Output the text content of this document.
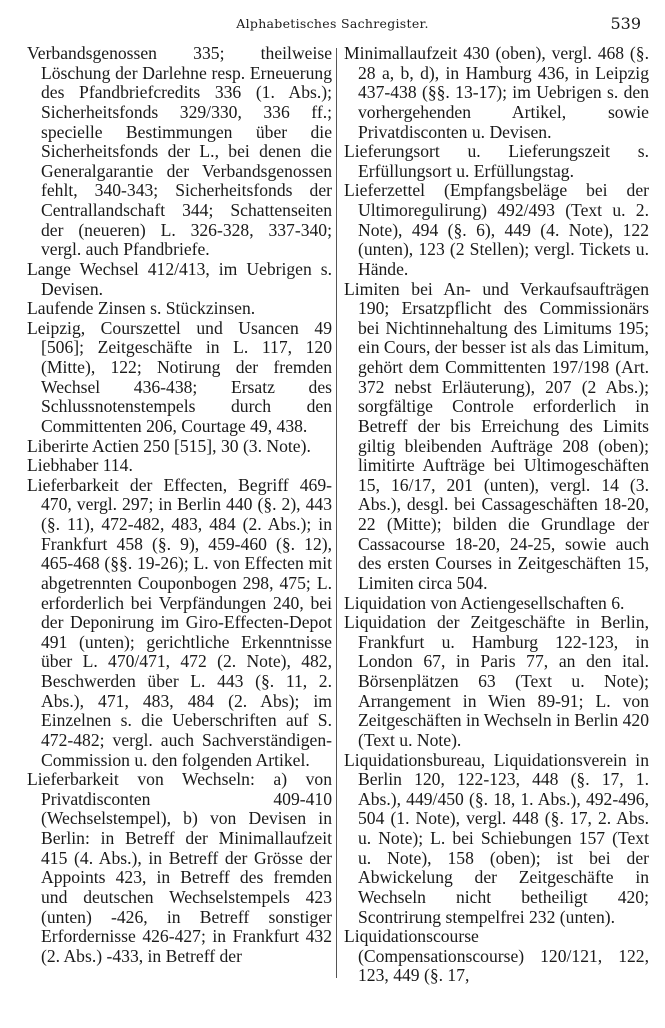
Alphabetisches Sachregister.	539

Verbandsgenossen 335; theilweise Löschung der Darlehne resp. Erneuerung des Pfandbriefcredits 336 (1. Abs.); Sicherheitsfonds 329/330, 336 ff.; specielle Bestimmungen über die Sicherheitsfonds der L., bei denen die Generalgarantie der Verbandsgenossen fehlt, 340-343; Sicherheitsfonds der Centrallandschaft 344; Schattenseiten der (neueren) L. 326-328, 337-340; vergl. auch Pfandbriefe.

Lange Wechsel 412/413, im Uebrigen s. Devisen.

Laufende Zinsen s. Stückzinsen.

Leipzig, Courszettel und Usancen 49 [506]; Zeitgeschäfte in L. 117, 120 (Mitte), 122; Notirung der fremden Wechsel 436-438; Ersatz des Schlussnotenstempels durch den Committenten 206, Courtage 49, 438.

Liberirte Actien 250 [515], 30 (3. Note).

Liebhaber 114.

Lieferbarkeit der Effecten, Begriff 469-470, vergl. 297; in Berlin 440 (§. 2), 443 (§. 11), 472-482, 483, 484 (2. Abs.); in Frankfurt 458 (§. 9), 459-460 (§. 12), 465-468 (§§. 19-26); L. von Effecten mit abgetrennten Couponbogen 298, 475; L. erforderlich bei Verpfändungen 240, bei der Deponirung im Giro-Effecten-Depot 491 (unten); gerichtliche Erkenntnisse über L. 470/471, 472 (2. Note), 482, Beschwerden über L. 443 (§. 11, 2. Abs.), 471, 483, 484 (2. Abs); im Einzelnen s. die Ueberschriften auf S. 472-482; vergl. auch Sachverständigen-Commission u. den folgenden Artikel.

Lieferbarkeit von Wechseln: a) von Privatdisconten 409-410 (Wechselstempel), b) von Devisen in Berlin: in Betreff der Minimallaufzeit 415 (4. Abs.), in Betreff der Grösse der Appoints 423, in Betreff des fremden und deutschen Wechselstempels 423 (unten) -426, in Betreff sonstiger Erfordernisse 426-427; in Frankfurt 432 (2. Abs.) -433, in Betreff der

Minimallaufzeit 430 (oben), vergl. 468 (§. 28 a, b, d), in Hamburg 436, in Leipzig 437-438 (§§. 13-17); im Uebrigen s. den vorhergehenden Artikel, sowie Privatdisconten u. Devisen.

Lieferungsort u. Lieferungszeit s. Erfüllungsort u. Erfüllungstag.

Lieferzettel (Empfangsbeläge bei der Ultimoregulirung) 492/493 (Text u. 2. Note), 494 (§. 6), 449 (4. Note), 122 (unten), 123 (2 Stellen); vergl. Tickets u. Hände.

Limiten bei An- und Verkaufsaufträgen 190; Ersatzpflicht des Commissionärs bei Nichtinnehaltung des Limitums 195; ein Cours, der besser ist als das Limitum, gehört dem Committenten 197/198 (Art. 372 nebst Erläuterung), 207 (2 Abs.); sorgfältige Controle erforderlich in Betreff der bis Erreichung des Limits giltig bleibenden Aufträge 208 (oben); limitirte Aufträge bei Ultimogeschäften 15, 16/17, 201 (unten), vergl. 14 (3. Abs.), desgl. bei Cassageschäften 18-20, 22 (Mitte); bilden die Grundlage der Cassacourse 18-20, 24-25, sowie auch des ersten Courses in Zeitgeschäften 15, Limiten circa 504.

Liquidation von Actiengesellschaften 6.

Liquidation der Zeitgeschäfte in Berlin, Frankfurt u. Hamburg 122-123, in London 67, in Paris 77, an den ital. Börsenplätzen 63 (Text u. Note); Arrangement in Wien 89-91; L. von Zeitgeschäften in Wechseln in Berlin 420 (Text u. Note).

Liquidationsbureau, Liquidationsverein in Berlin 120, 122-123, 448 (§. 17, 1. Abs.), 449/450 (§. 18, 1. Abs.), 492-496, 504 (1. Note), vergl. 448 (§. 17, 2. Abs. u. Note); L. bei Schiebungen 157 (Text u. Note), 158 (oben); ist bei der Abwickelung der Zeitgeschäfte in Wechseln nicht betheiligt 420; Scontrirung stempelfrei 232 (unten).

Liquidationscourse (Compensationscourse) 120/121, 122, 123, 449 (§. 17,
